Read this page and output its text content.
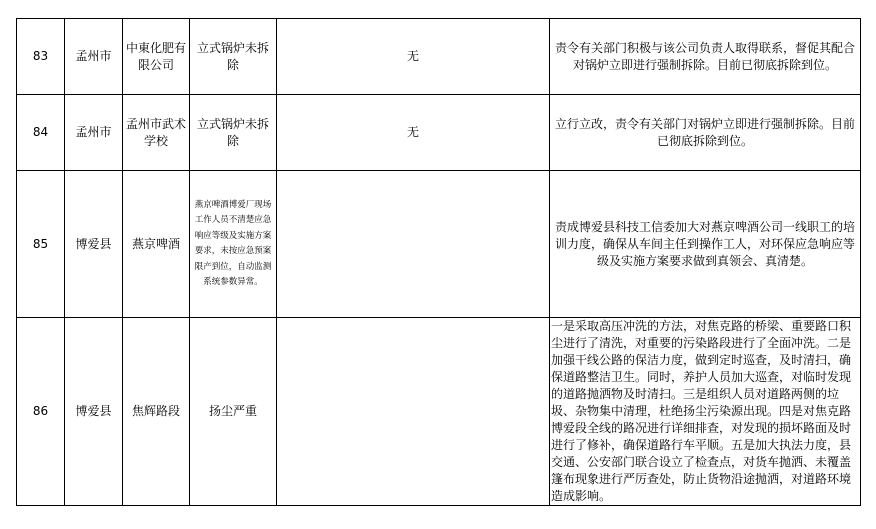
83	孟州市	中東化肥有限公司	立式锅炉未拆除	无	责令有关部门积极与该公司负责人取得联系，督促其配合对锅炉立即进行强制拆除。目前已彻底拆除到位。
84	孟州市	孟州市武术学校	立式锅炉未拆除	无	立行立改，责令有关部门对锅炉立即进行强制拆除。目前已彻底拆除到位。
85	博爱县	燕京啤酒	燕京啤酒博爱厂现场工作人员不清楚应急响应等级及实施方案要求，未按应急预案限产到位，自动监测系统参数异常。		责成博爱县科技工信委加大对燕京啤酒公司一线职工的培训力度，确保从车间主任到操作工人，对环保应急响应等级及实施方案要求做到真领会、真清楚。
86	博爱县	焦辉路段	扬尘严重		一是采取高压冲洗的方法，对焦克路的桥梁、重要路口积尘进行了清洗，对重要的污染路段进行了全面冲洗。二是加强干线公路的保洁力度，做到定时巡查，及时清扫，确保道路整洁卫生。同时，养护人员加大巡查，对临时发现的道路抛洒物及时清扫。三是组织人员对道路两侧的垃圾、杂物集中清理，杜绝扬尘污染源出现。四是对焦克路博爱段全线的路况进行详细排查，对发现的损坏路面及时进行了修补，确保道路行车平顺。五是加大执法力度，县交通、公安部门联合设立了检查点，对货车抛洒、未覆盖篷布现象进行严厉查处，防止货物沿途抛洒，对道路环境造成影响。
